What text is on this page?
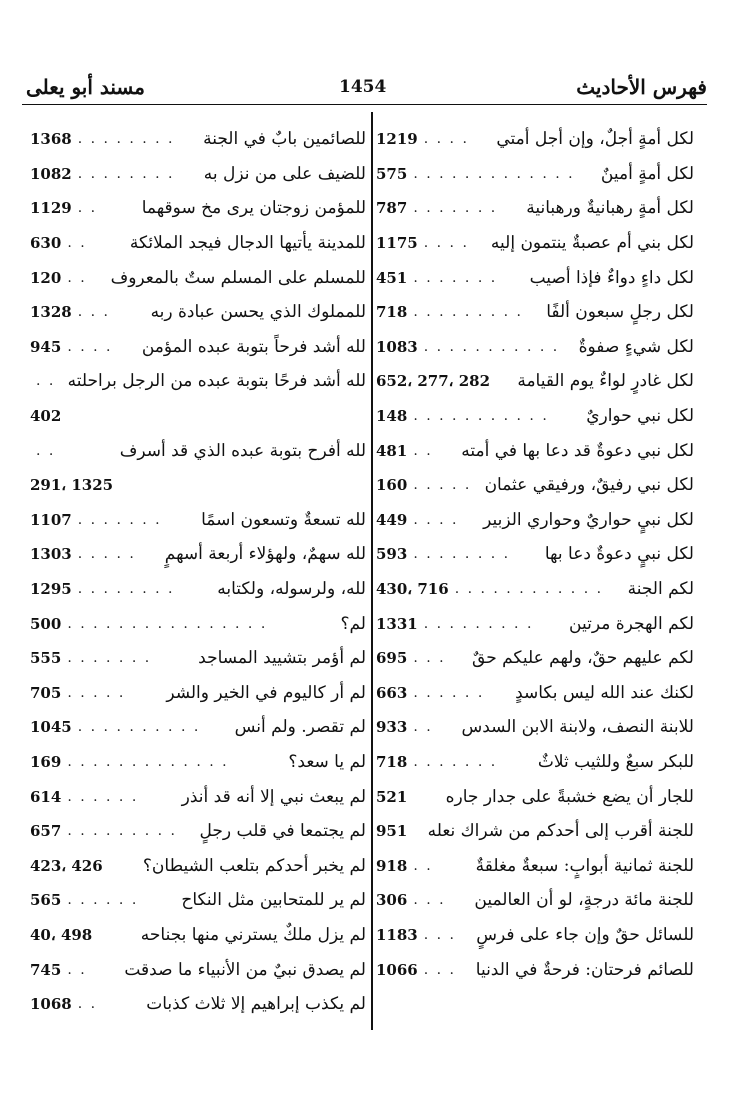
فهرس الأحاديث
1454
مسند أبو يعلى
لكل أمةٍ أجلٌ، وإن أجل أمتي
. . . .
1219
لكل أمةٍ أمينٌ
. . . . . . . . . . . . .
575
لكل أمةٍ رهبانيةٌ ورهبانية
. . . . . . .
787
لكل بني أم عصبةٌ ينتمون إليه
. . . .
1175
لكل داءٍ دواءٌ فإذا أصيب
. . . . . . .
451
لكل رجلٍ سبعون ألفًا
. . . . . . . . .
718
لكل شيءٍ صفوةٌ
. . . . . . . . . . .
1083
لكل غادرٍ لواءٌ يوم القيامة
652، 277، 282
لكل نبي حواريٌ
. . . . . . . . . . .
148
لكل نبي دعوةٌ قد دعا بها في أمته
. .
481
لكل نبي رفيقٌ، ورفيقي عثمان
. . . . .
160
لكل نبيٍ حواريٌ وحواري الزبير
. . . .
449
لكل نبيٍ دعوةٌ دعا بها
. . . . . . . .
593
لكم الجنة
. . . . . . . . . . . .
430، 716
لكم الهجرة مرتين
. . . . . . . . .
1331
لكم عليهم حقٌ، ولهم عليكم حقٌ
. . .
695
لكنك عند الله ليس بكاسدٍ
. . . . . .
663
للابنة النصف، ولابنة الابن السدس
. .
933
للبكر سبعٌ وللثيب ثلاثٌ
. . . . . . .
718
للجار أن يضع خشبةً على جدار جاره
521
للجنة أقرب إلى أحدكم من شراك نعله
951
للجنة ثمانية أبوابٍ: سبعةٌ مغلقةٌ
. .
918
للجنة مائة درجةٍ، لو أن العالمين
. . .
306
للسائل حقٌ وإن جاء على فرسٍ
. . .
1183
للصائم فرحتان: فرحةٌ في الدنيا
. . .
1066
للصائمين بابٌ في الجنة
. . . . . . . .
1368
للضيف على من نزل به
. . . . . . . .
1082
للمؤمن زوجتان يرى مخ سوقهما
. .
1129
للمدينة يأتيها الدجال فيجد الملائكة
. .
630
للمسلم على المسلم ستٌ بالمعروف
. .
120
للمملوك الذي يحسن عبادة ربه
. . .
1328
لله أشد فرحاً بتوبة عبده المؤمن
. . . .
945
لله أشد فرحًا بتوبة عبده من الرجل براحلته
. .
402
لله أفرح بتوبة عبده الذي قد أسرف
. .
291، 1325
لله تسعةٌ وتسعون اسمًا
. . . . . . .
1107
لله سهمٌ، ولهؤلاء أربعة أسهمٍ
. . . . .
1303
لله، ولرسوله، ولكتابه
. . . . . . . .
1295
لم؟
. . . . . . . . . . . . . . . .
500
لم أؤمر بتشييد المساجد
. . . . . . .
555
لم أر كاليوم في الخير والشر
. . . . .
705
لم تقصر. ولم أنس
. . . . . . . . . .
1045
لم يا سعد؟
. . . . . . . . . . . . .
169
لم يبعث نبي إلا أنه قد أنذر
. . . . . .
614
لم يجتمعا في قلب رجلٍ
. . . . . . . . .
657
لم يخبر أحدكم بتلعب الشيطان؟
423، 426
لم ير للمتحابين مثل النكاح
. . . . . .
565
لم يزل ملكٌ يسترني منها بجناحه
40، 498
لم يصدق نبيٌ من الأنبياء ما صدقت
. .
745
لم يكذب إبراهيم إلا ثلاث كذبات
. .
1068
